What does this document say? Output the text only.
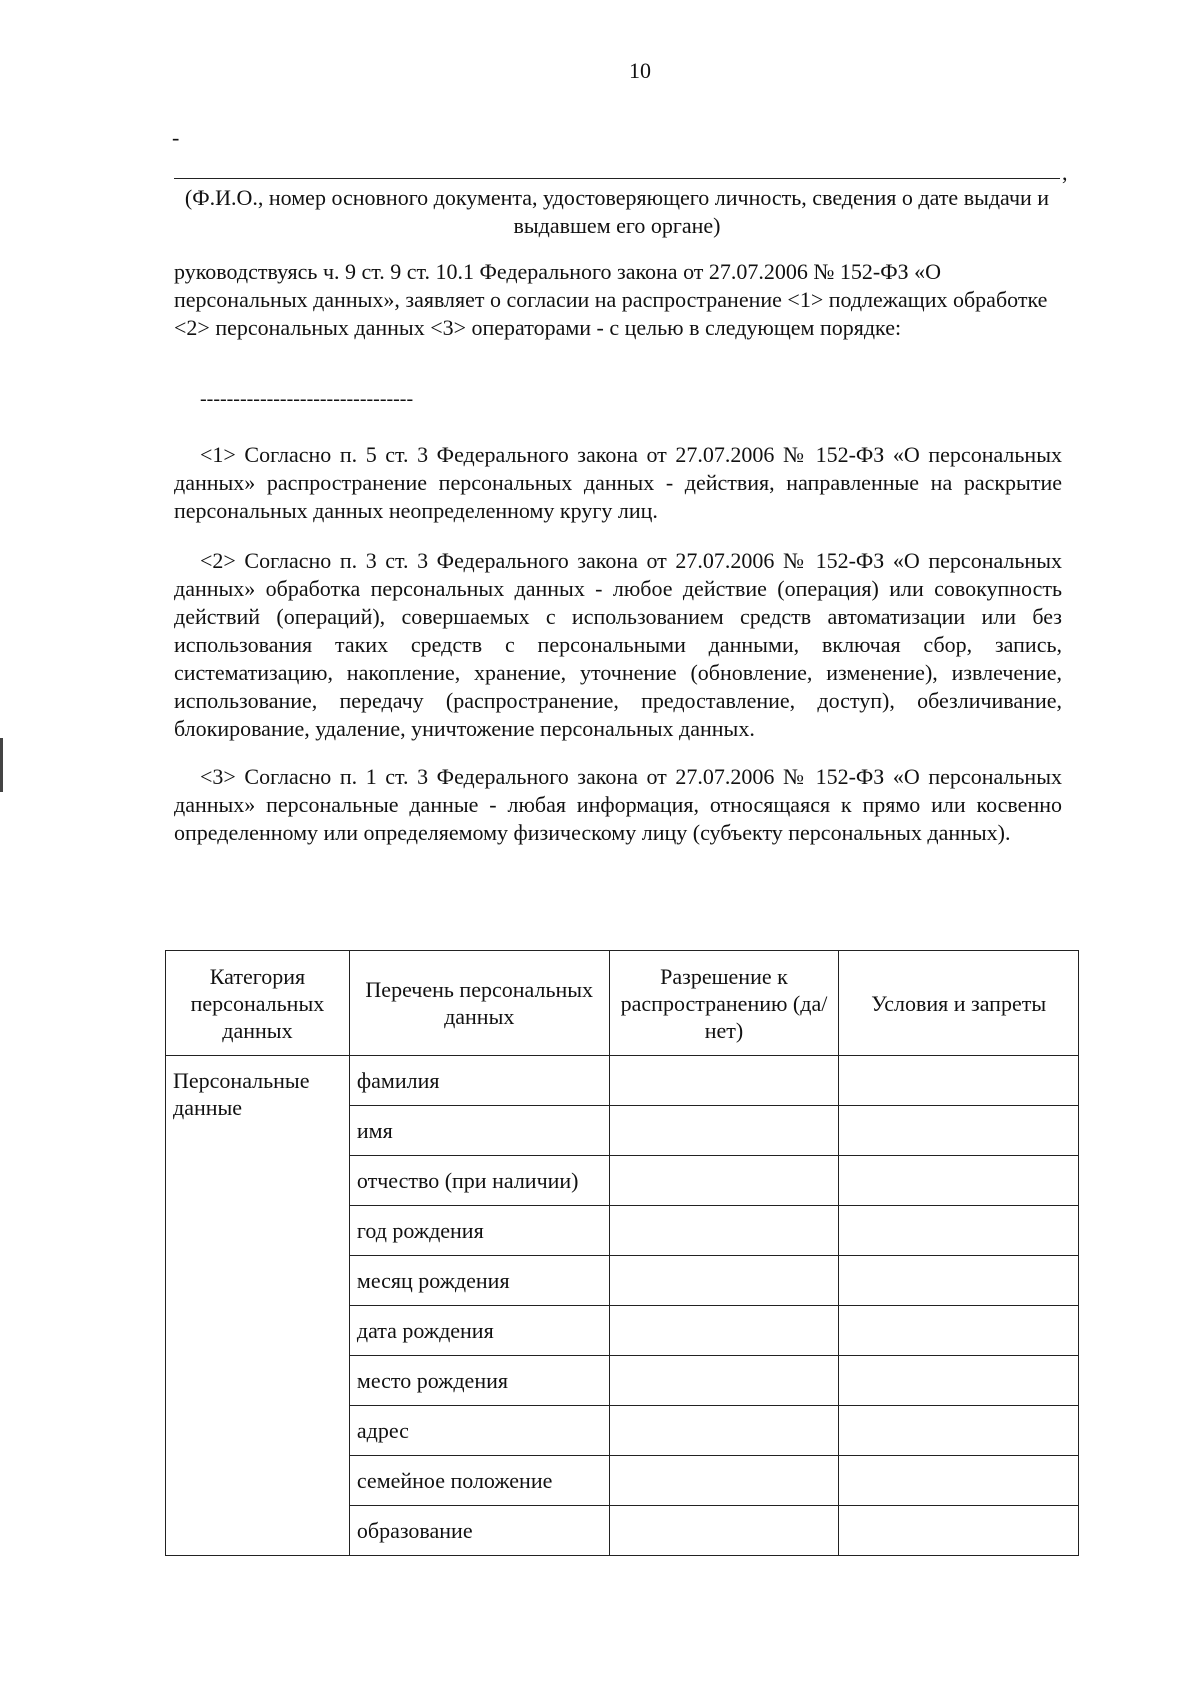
10
-
,
(Ф.И.О., номер основного документа, удостоверяющего личность, сведения о дате выдачи и выдавшем его органе)

руководствуясь ч. 9 ст. 9 ст. 10.1 Федерального закона от 27.07.2006 № 152-ФЗ «О персональных данных», заявляет о согласии на распространение <1> подлежащих обработке <2> персональных данных <3> операторами - с целью в следующем порядке:

--------------------------------

<1> Согласно п. 5 ст. 3 Федерального закона от 27.07.2006 № 152-ФЗ «О персональных данных» распространение персональных данных - действия, направленные на раскрытие персональных данных неопределенному кругу лиц.

<2> Согласно п. 3 ст. 3 Федерального закона от 27.07.2006 № 152-ФЗ «О персональных данных» обработка персональных данных - любое действие (операция) или совокупность действий (операций), совершаемых с использованием средств автоматизации или без использования таких средств с персональными данными, включая сбор, запись, систематизацию, накопление, хранение, уточнение (обновление, изменение), извлечение, использование, передачу (распространение, предоставление, доступ), обезличивание, блокирование, удаление, уничтожение персональных данных.

<3> Согласно п. 1 ст. 3 Федерального закона от 27.07.2006 № 152-ФЗ «О персональных данных» персональные данные - любая информация, относящаяся к прямо или косвенно определенному или определяемому физическому лицу (субъекту персональных данных).

Категория персональных данных	Перечень персональных данных	Разрешение к распространению (да/нет)	Условия и запреты
Персональные данные	фамилия		
	имя		
	отчество (при наличии)		
	год рождения		
	месяц рождения		
	дата рождения		
	место рождения		
	адрес		
	семейное положение		
	образование		
